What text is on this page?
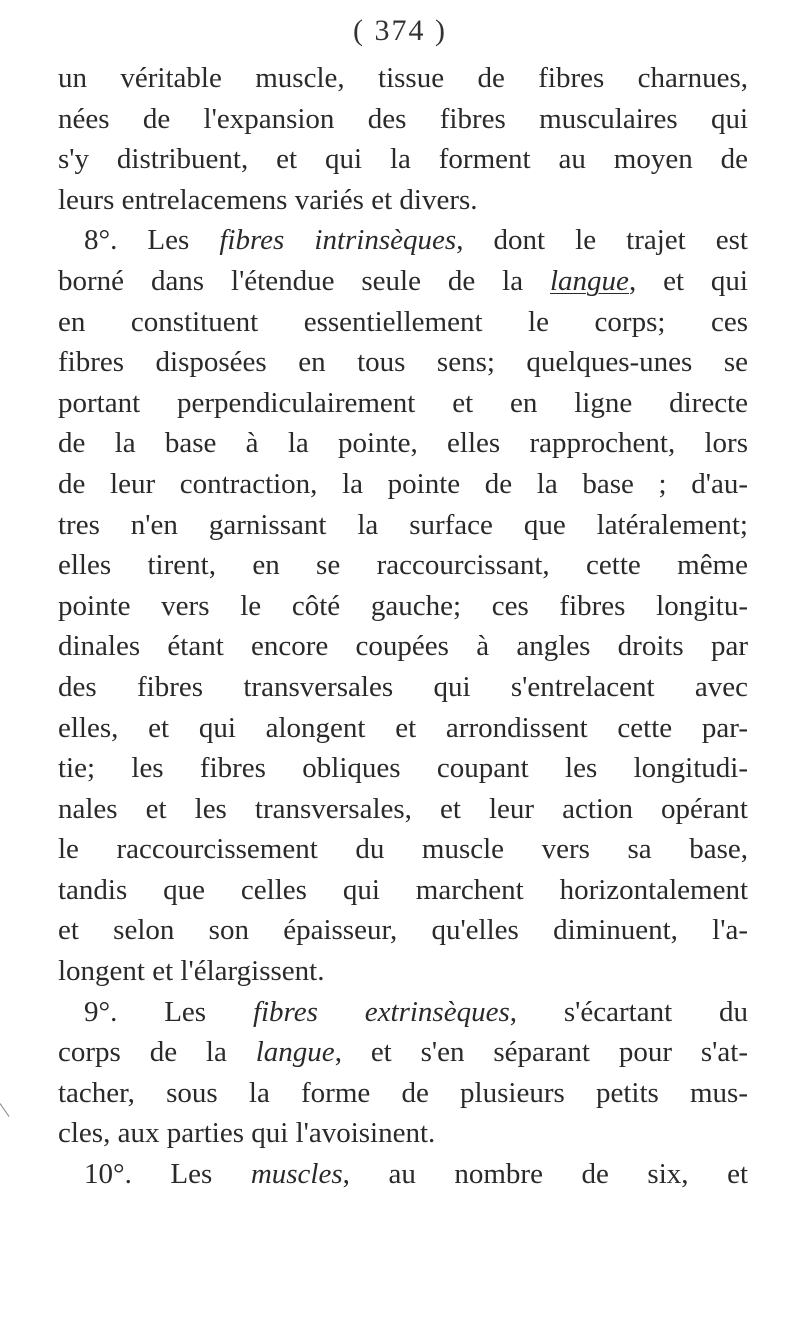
( 374 )
un véritable muscle, tissue de fibres charnues,
nées de l'expansion des fibres musculaires qui
s'y distribuent, et qui la forment au moyen de
leurs entrelacemens variés et divers.
8°. Les fibres intrinsèques, dont le trajet est
borné dans l'étendue seule de la langue, et qui
en constituent essentiellement le corps; ces
fibres disposées en tous sens; quelques-unes se
portant perpendiculairement et en ligne directe
de la base à la pointe, elles rapprochent, lors
de leur contraction, la pointe de la base ; d'au-
tres n'en garnissant la surface que latéralement;
elles tirent, en se raccourcissant, cette même
pointe vers le côté gauche; ces fibres longitu-
dinales étant encore coupées à angles droits par
des fibres transversales qui s'entrelacent avec
elles, et qui alongent et arrondissent cette par-
tie; les fibres obliques coupant les longitudi-
nales et les transversales, et leur action opérant
le raccourcissement du muscle vers sa base,
tandis que celles qui marchent horizontalement
et selon son épaisseur, qu'elles diminuent, l'a-
longent et l'élargissent.
9°. Les fibres extrinsèques, s'écartant du
corps de la langue, et s'en séparant pour s'at-
tacher, sous la forme de plusieurs petits mus-
cles, aux parties qui l'avoisinent.
10°. Les muscles, au nombre de six, et
